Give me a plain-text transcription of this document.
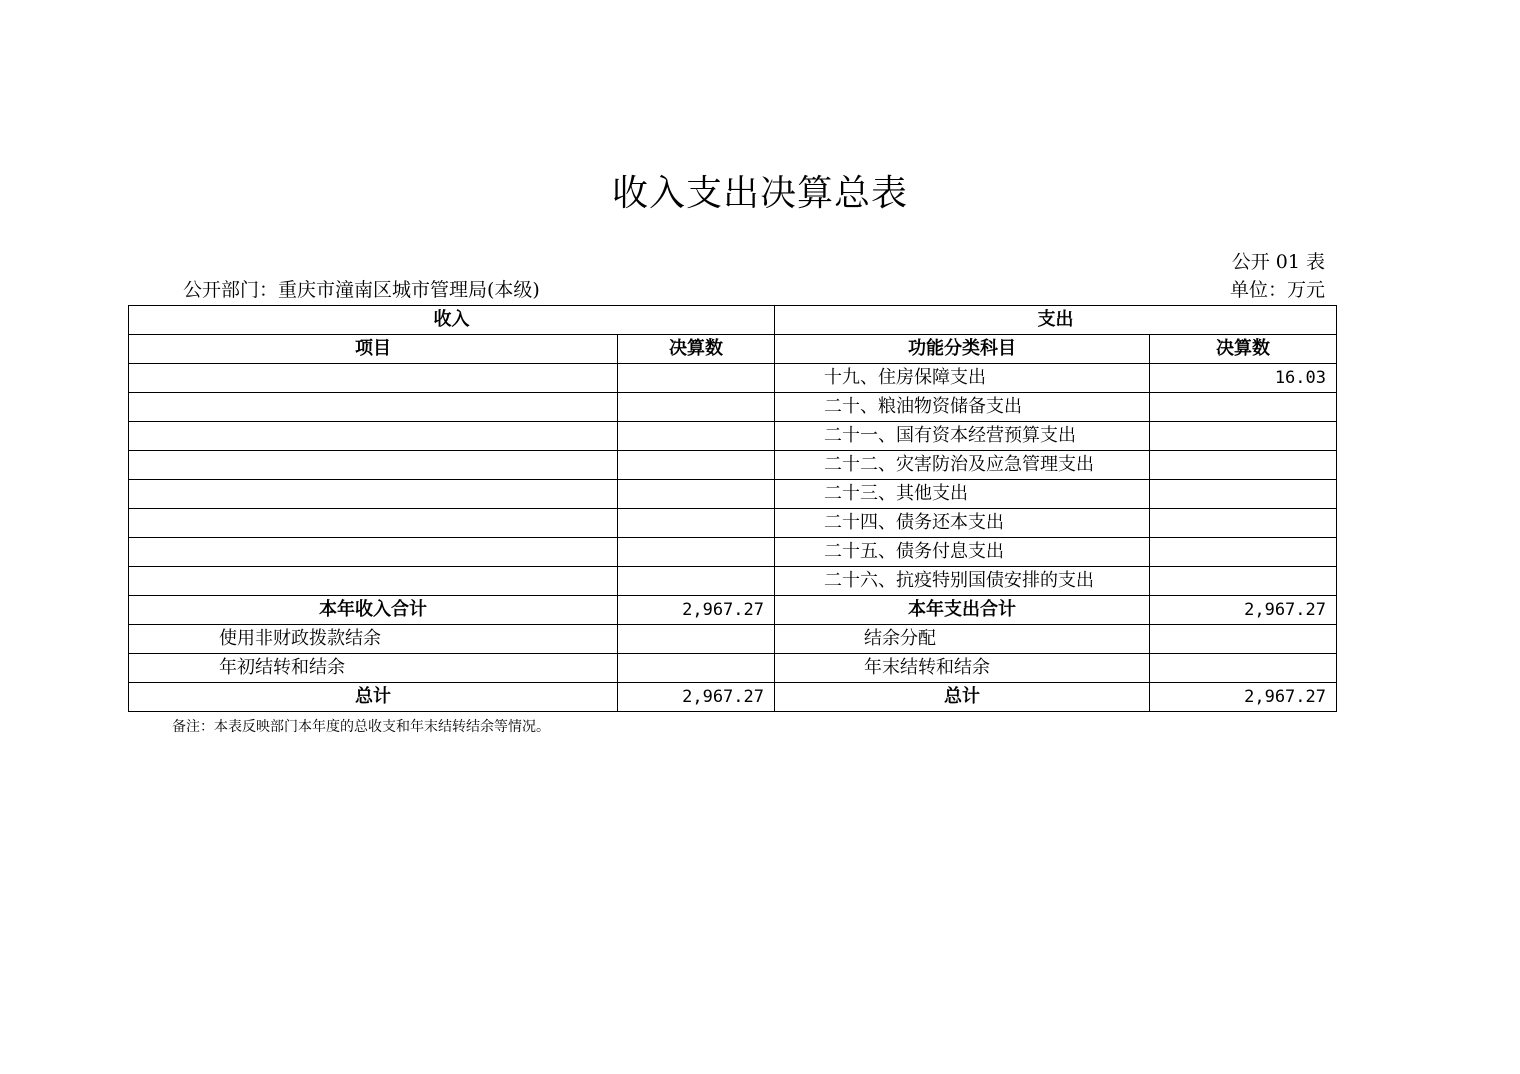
收入支出决算总表
公开 01 表
公开部门：重庆市潼南区城市管理局(本级)	单位：万元
收入		支出	
项目	决算数	功能分类科目	决算数
		十九、住房保障支出	16.03
		二十、粮油物资储备支出	
		二十一、国有资本经营预算支出	
		二十二、灾害防治及应急管理支出	
		二十三、其他支出	
		二十四、债务还本支出	
		二十五、债务付息支出	
		二十六、抗疫特别国债安排的支出	
本年收入合计	2,967.27	本年支出合计	2,967.27
使用非财政拨款结余		结余分配	
年初结转和结余		年末结转和结余	
总计	2,967.27	总计	2,967.27
备注：本表反映部门本年度的总收支和年末结转结余等情况。
